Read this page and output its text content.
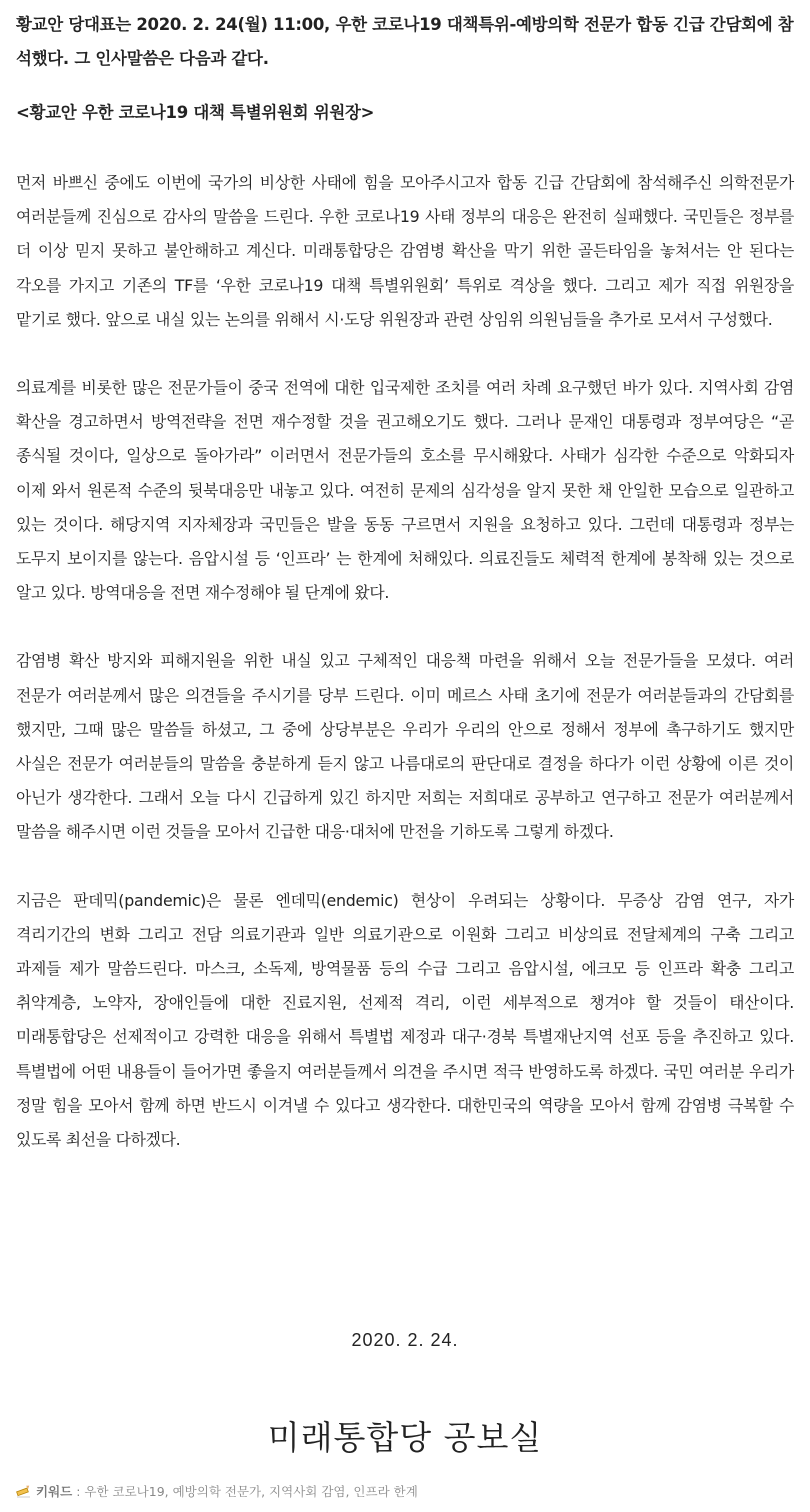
황교안 당대표는 2020. 2. 24(월) 11:00, 우한 코로나19 대책특위-예방의학 전문가 합동 긴급 간담회에 참석했다. 그 인사말씀은 다음과 같다.

<황교안 우한 코로나19 대책 특별위원회 위원장>

먼저 바쁘신 중에도 이번에 국가의 비상한 사태에 힘을 모아주시고자 합동 긴급 간담회에 참석해주신 의학전문가 여러분들께 진심으로 감사의 말씀을 드린다. 우한 코로나19 사태 정부의 대응은 완전히 실패했다. 국민들은 정부를 더 이상 믿지 못하고 불안해하고 계신다. 미래통합당은 감염병 확산을 막기 위한 골든타임을 놓쳐서는 안 된다는 각오를 가지고 기존의 TF를 ‘우한 코로나19 대책 특별위원회’ 특위로 격상을 했다. 그리고 제가 직접 위원장을 맡기로 했다. 앞으로 내실 있는 논의를 위해서 시·도당 위원장과 관련 상임위 의원님들을 추가로 모셔서 구성했다.

의료계를 비롯한 많은 전문가들이 중국 전역에 대한 입국제한 조치를 여러 차례 요구했던 바가 있다. 지역사회 감염 확산을 경고하면서 방역전략을 전면 재수정할 것을 권고해오기도 했다. 그러나 문재인 대통령과 정부여당은 “곧 종식될 것이다, 일상으로 돌아가라” 이러면서 전문가들의 호소를 무시해왔다. 사태가 심각한 수준으로 악화되자 이제 와서 원론적 수준의 뒷북대응만 내놓고 있다. 여전히 문제의 심각성을 알지 못한 채 안일한 모습으로 일관하고 있는 것이다. 해당지역 지자체장과 국민들은 발을 동동 구르면서 지원을 요청하고 있다. 그런데 대통령과 정부는 도무지 보이지를 않는다. 음압시설 등 ‘인프라’ 는 한계에 처해있다. 의료진들도 체력적 한계에 봉착해 있는 것으로 알고 있다. 방역대응을 전면 재수정해야 될 단계에 왔다.

감염병 확산 방지와 피해지원을 위한 내실 있고 구체적인 대응책 마련을 위해서 오늘 전문가들을 모셨다. 여러 전문가 여러분께서 많은 의견들을 주시기를 당부 드린다. 이미 메르스 사태 초기에 전문가 여러분들과의 간담회를 했지만, 그때 많은 말씀들 하셨고, 그 중에 상당부분은 우리가 우리의 안으로 정해서 정부에 촉구하기도 했지만 사실은 전문가 여러분들의 말씀을 충분하게 듣지 않고 나름대로의 판단대로 결정을 하다가 이런 상황에 이른 것이 아닌가 생각한다. 그래서 오늘 다시 긴급하게 있긴 하지만 저희는 저희대로 공부하고 연구하고 전문가 여러분께서 말씀을 해주시면 이런 것들을 모아서 긴급한 대응·대처에 만전을 기하도록 그렇게 하겠다.

지금은 판데믹(pandemic)은 물론 엔데믹(endemic) 현상이 우려되는 상황이다. 무증상 감염 연구, 자가 격리기간의 변화 그리고 전담 의료기관과 일반 의료기관으로 이원화 그리고 비상의료 전달체계의 구축 그리고 과제들 제가 말씀드린다. 마스크, 소독제, 방역물품 등의 수급 그리고 음압시설, 에크모 등 인프라 확충 그리고 취약계층, 노약자, 장애인들에 대한 진료지원, 선제적 격리, 이런 세부적으로 챙겨야 할 것들이 태산이다. 미래통합당은 선제적이고 강력한 대응을 위해서 특별법 제정과 대구·경북 특별재난지역 선포 등을 추진하고 있다. 특별법에 어떤 내용들이 들어가면 좋을지 여러분들께서 의견을 주시면 적극 반영하도록 하겠다. 국민 여러분 우리가 정말 힘을 모아서 함께 하면 반드시 이겨낼 수 있다고 생각한다. 대한민국의 역량을 모아서 함께 감염병 극복할 수 있도록 최선을 다하겠다.

2020. 2. 24.
미래통합당 공보실
키워드 : 우한 코로나19, 예방의학 전문가, 지역사회 감염, 인프라 한계
